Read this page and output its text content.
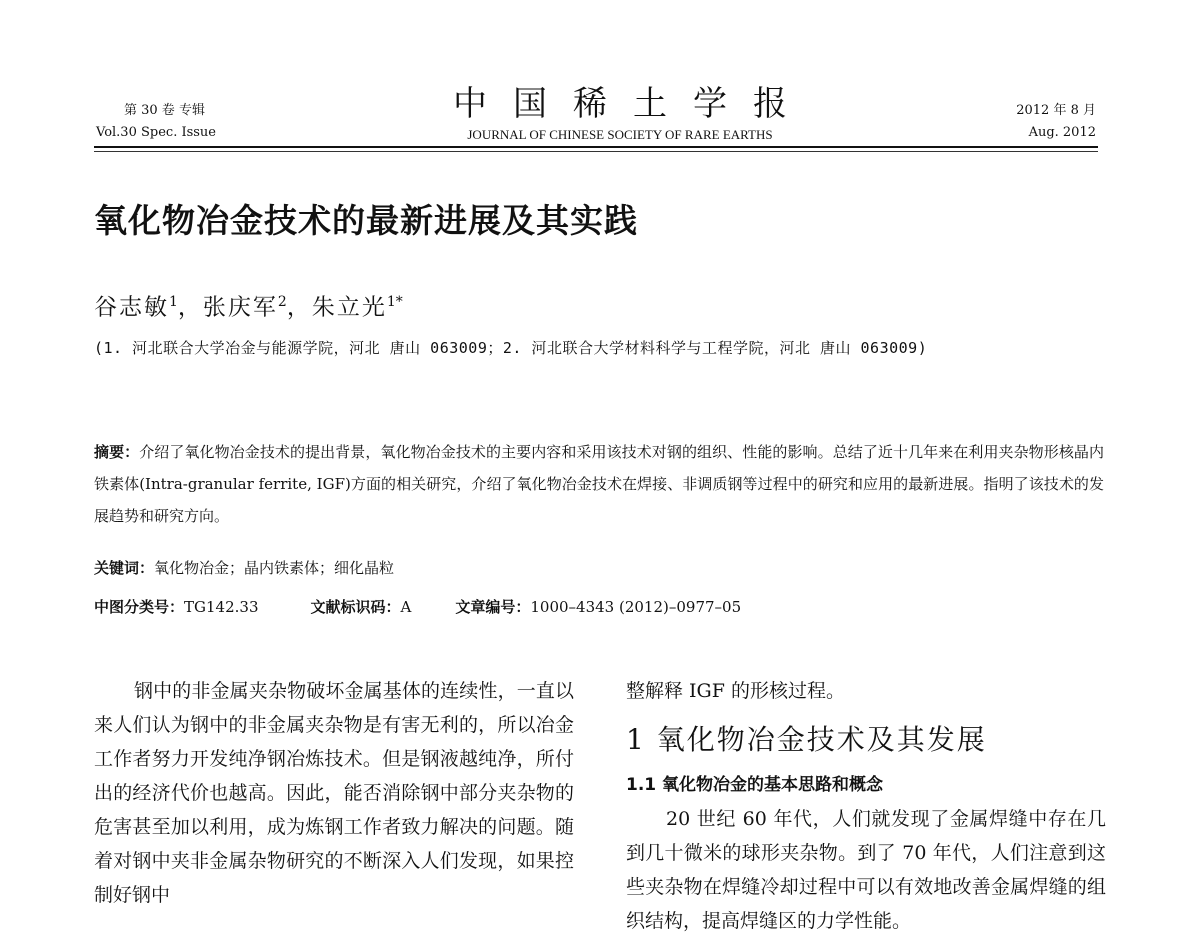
第 30 卷 专辑
Vol.30 Spec. Issue
中国稀土学报
JOURNAL OF CHINESE SOCIETY OF RARE EARTHS
2012 年 8 月
Aug. 2012
氧化物冶金技术的最新进展及其实践
谷志敏$^1$，张庆军$^2$，朱立光$^{1*}$
(1. 河北联合大学冶金与能源学院，河北 唐山 063009；2. 河北联合大学材料科学与工程学院，河北 唐山 063009)
摘要：介绍了氧化物冶金技术的提出背景，氧化物冶金技术的主要内容和采用该技术对钢的组织、性能的影响。总结了近十几年来在利用夹杂物形核晶内铁素体(Intra-granular ferrite, IGF)方面的相关研究，介绍了氧化物冶金技术在焊接、非调质钢等过程中的研究和应用的最新进展。指明了该技术的发展趋势和研究方向。
关键词：氧化物冶金；晶内铁素体；细化晶粒
中图分类号：TG142.33	文献标识码：A	文章编号：1000–4343 (2012)–0977–05

钢中的非金属夹杂物破坏金属基体的连续性，一直以来人们认为钢中的非金属夹杂物是有害无利的，所以冶金工作者努力开发纯净钢冶炼技术。但是钢液越纯净，所付出的经济代价也越高。因此，能否消除钢中部分夹杂物的危害甚至加以利用，成为炼钢工作者致力解决的问题。随着对钢中夹非金属杂物研究的不断深入人们发现，如果控制好钢中

整解释 IGF 的形核过程。

1 氧化物冶金技术及其发展
1.1 氧化物冶金的基本思路和概念

20 世纪 60 年代，人们就发现了金属焊缝中存在几到几十微米的球形夹杂物。到了 70 年代，人们注意到这些夹杂物在焊缝冷却过程中可以有效地改善金属焊缝的组织结构，提高焊缝区的力学性能。
